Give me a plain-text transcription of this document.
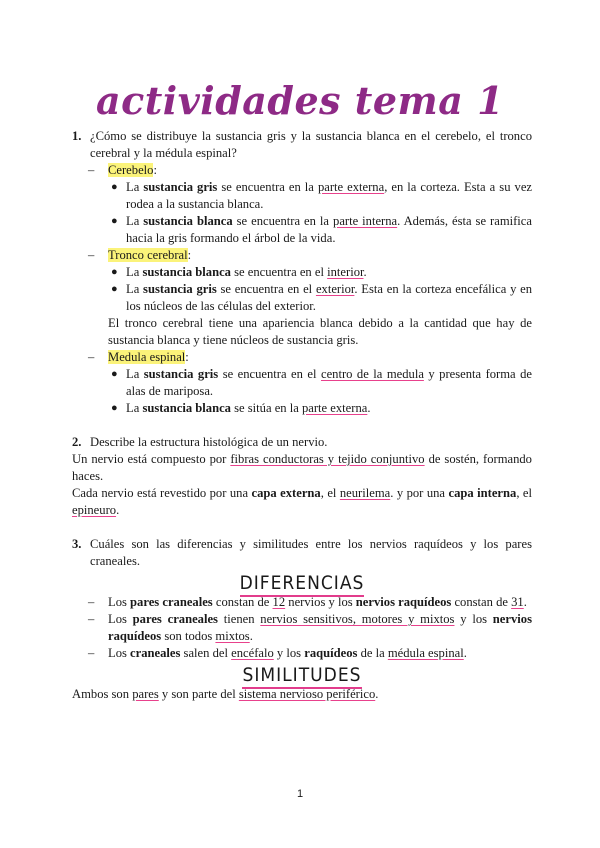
actividades tema 1
1. ¿Cómo se distribuye la sustancia gris y la sustancia blanca en el cerebelo, el tronco cerebral y la médula espinal?
– Cerebelo:
● La sustancia gris se encuentra en la parte externa, en la corteza. Esta a su vez rodea a la sustancia blanca.
● La sustancia blanca se encuentra en la parte interna. Además, ésta se ramifica hacia la gris formando el árbol de la vida.
– Tronco cerebral:
● La sustancia blanca se encuentra en el interior.
● La sustancia gris se encuentra en el exterior. Esta en la corteza encefálica y en los núcleos de las células del exterior.
El tronco cerebral tiene una apariencia blanca debido a la cantidad que hay de sustancia blanca y tiene núcleos de sustancia gris.
– Medula espinal:
● La sustancia gris se encuentra en el centro de la medula y presenta forma de alas de mariposa.
● La sustancia blanca se sitúa en la parte externa.
2. Describe la estructura histológica de un nervio.
Un nervio está compuesto por fibras conductoras y tejido conjuntivo de sostén, formando haces.
Cada nervio está revestido por una capa externa, el neurilema. y por una capa interna, el epineuro.
3. Cuáles son las diferencias y similitudes entre los nervios raquídeos y los pares craneales.
DIFERENCIAS
– Los pares craneales constan de 12 nervios y los nervios raquídeos constan de 31.
– Los pares craneales tienen nervios sensitivos, motores y mixtos y los nervios raquídeos son todos mixtos.
– Los craneales salen del encéfalo y los raquídeos de la médula espinal.
SIMILITUDES
Ambos son pares y son parte del sistema nervioso periférico.
1
